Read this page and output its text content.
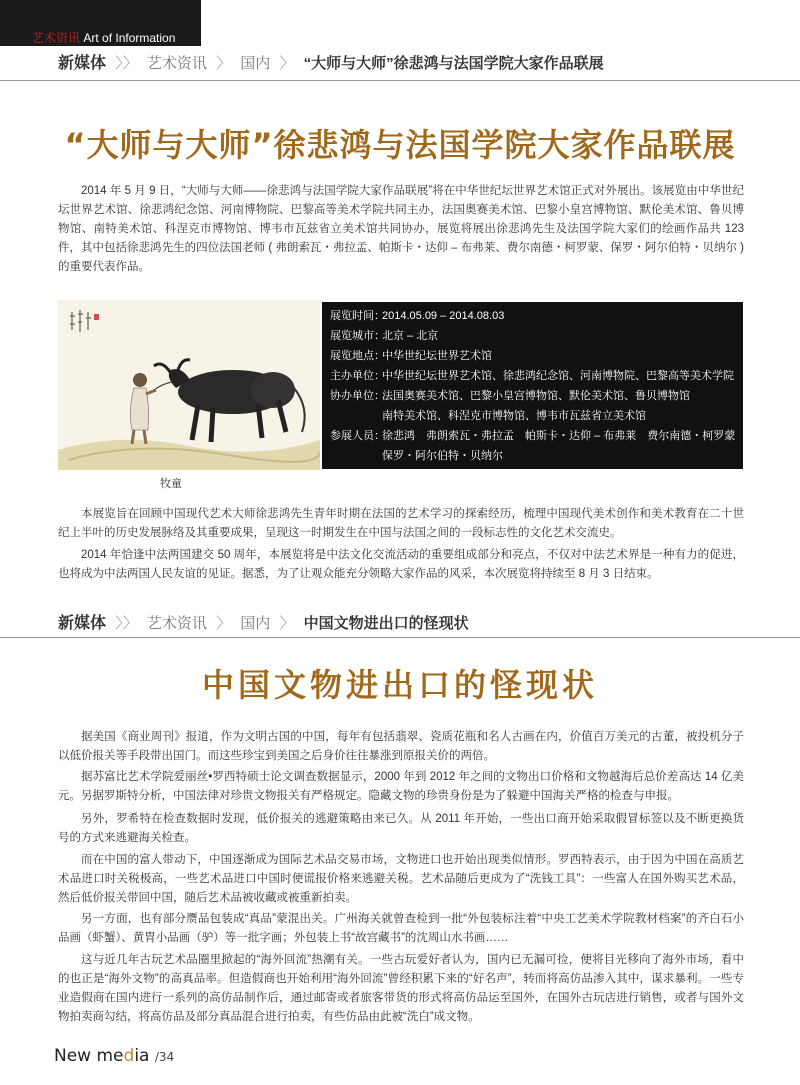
艺术资讯 Art of Information
新媒体 〉〉 艺术资讯 〉 国内 〉 “大师与大师”徐悲鸿与法国学院大家作品联展
“大师与大师”徐悲鸿与法国学院大家作品联展

2014 年 5 月 9 日，“大师与大师——徐悲鸿与法国学院大家作品联展”将在中华世纪坛世界艺术馆正式对外展出。该展览由中华世纪坛世界艺术馆、徐悲鸿纪念馆、河南博物院、巴黎高等美术学院共同主办，法国奥赛美术馆、巴黎小皇宫博物馆、默伦美术馆、鲁贝博物馆、南特美术馆、科涅克市博物馆、博韦市瓦兹省立美术馆共同协办，展览将展出徐悲鸿先生及法国学院大家们的绘画作品共 123 件，其中包括徐悲鸿先生的四位法国老师 ( 弗朗索瓦・弗拉孟、帕斯卡・达仰 – 布弗莱、费尔南德・柯罗蒙、保罗・阿尔伯特・贝纳尔 ) 的重要代表作品。

牧童
展览时间：2014.05.09 – 2014.08.03
展览城市：北京 – 北京
展览地点：中华世纪坛世界艺术馆
主办单位：中华世纪坛世界艺术馆、徐悲鸿纪念馆、河南博物院、巴黎高等美术学院
协办单位：法国奥赛美术馆、巴黎小皇宫博物馆、默伦美术馆、鲁贝博物馆
南特美术馆、科涅克市博物馆、博韦市瓦兹省立美术馆
参展人员：徐悲鸿　弗朗索瓦・弗拉孟　帕斯卡・达仰 – 布弗莱　费尔南德・柯罗蒙
保罗・阿尔伯特・贝纳尔

本展览旨在回顾中国现代艺术大师徐悲鸿先生青年时期在法国的艺术学习的探索经历，梳理中国现代美术创作和美术教育在二十世纪上半叶的历史发展脉络及其重要成果，呈现这一时期发生在中国与法国之间的一段标志性的文化艺术交流史。

2014 年恰逢中法两国建交 50 周年，本展览将是中法文化交流活动的重要组成部分和亮点，不仅对中法艺术界是一种有力的促进，也将成为中法两国人民友谊的见证。据悉，为了让观众能充分领略大家作品的风采，本次展览将持续至 8 月 3 日结束。

新媒体 〉〉 艺术资讯 〉 国内 〉 中国文物进出口的怪现状
中国文物进出口的怪现状

据美国《商业周刊》报道，作为文明古国的中国，每年有包括翡翠、瓷质花瓶和名人古画在内，价值百万美元的古董，被投机分子以低价报关等手段带出国门。而这些珍宝到美国之后身价往往暴涨到原报关价的两倍。

据苏富比艺术学院爱丽丝•罗西特硕士论文调查数据显示，2000 年到 2012 年之间的文物出口价格和文物越海后总价差高达 14 亿美元。另据罗斯特分析，中国法律对珍贵文物报关有严格规定。隐藏文物的珍贵身份是为了躲避中国海关严格的检查与申报。

另外，罗希特在检查数据时发现，低价报关的逃避策略由来已久。从 2011 年开始，一些出口商开始采取假冒标签以及不断更换货号的方式来逃避海关检查。

而在中国的富人带动下，中国逐渐成为国际艺术品交易市场，文物进口也开始出现类似情形。罗西特表示，由于因为中国在高质艺术品进口时关税极高，一些艺术品进口中国时便谎报价格来逃避关税。艺术品随后更成为了“洗钱工具”：一些富人在国外购买艺术品，然后低价报关带回中国，随后艺术品被收藏或被重新拍卖。

另一方面，也有部分赝品包装成“真品”蒙混出关。广州海关就曾查检到一批“外包装标注着“中央工艺美术学院教材档案”的齐白石小品画（虾蟹）、黄胄小品画（驴）等一批字画；外包装上书“故宫藏书”的沈周山水书画……

这与近几年古玩艺术品圈里掀起的“海外回流”热潮有关。一些古玩爱好者认为，国内已无漏可捡，便将目光移向了海外市场，看中的也正是“海外文物”的高真品率。但造假商也开始利用“海外回流”曾经积累下来的“好名声”，转而将高仿品渗入其中，谋求暴利。一些专业造假商在国内进行一系列的高仿品制作后，通过邮寄或者旅客带货的形式将高仿品运至国外，在国外古玩店进行销售，或者与国外文物拍卖商勾结，将高仿品及部分真品混合进行拍卖，有些仿品由此被“洗白”成文物。

New media /34
